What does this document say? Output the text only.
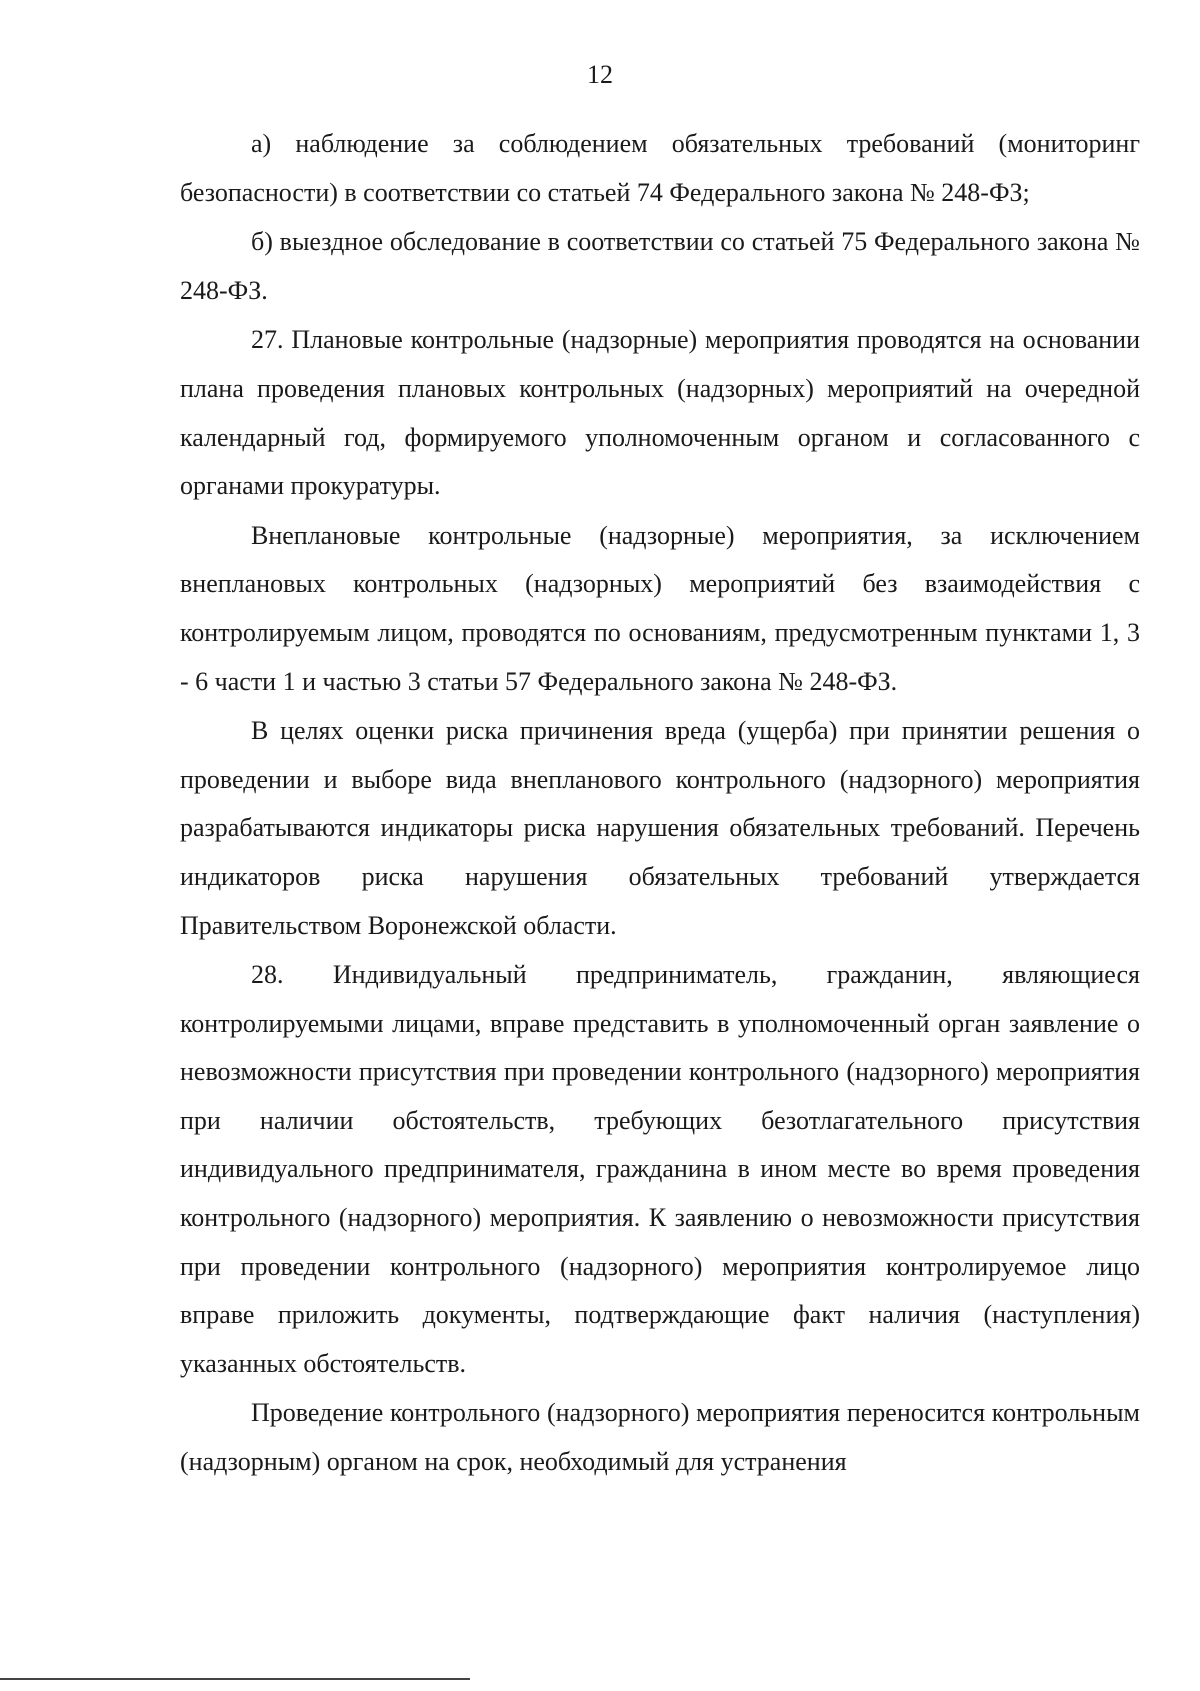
12

а) наблюдение за соблюдением обязательных требований (мониторинг безопасности) в соответствии со статьей 74 Федерального закона № 248-ФЗ;

б) выездное обследование в соответствии со статьей 75 Федерального закона № 248-ФЗ.

27. Плановые контрольные (надзорные) мероприятия проводятся на основании плана проведения плановых контрольных (надзорных) мероприятий на очередной календарный год, формируемого уполномоченным органом и согласованного с органами прокуратуры.

Внеплановые контрольные (надзорные) мероприятия, за исключением внеплановых контрольных (надзорных) мероприятий без взаимодействия с контролируемым лицом, проводятся по основаниям, предусмотренным пунктами 1, 3 - 6 части 1 и частью 3 статьи 57 Федерального закона № 248-ФЗ.

В целях оценки риска причинения вреда (ущерба) при принятии решения о проведении и выборе вида внепланового контрольного (надзорного) мероприятия разрабатываются индикаторы риска нарушения обязательных требований. Перечень индикаторов риска нарушения обязательных требований утверждается Правительством Воронежской области.

28. Индивидуальный предприниматель, гражданин, являющиеся контролируемыми лицами, вправе представить в уполномоченный орган заявление о невозможности присутствия при проведении контрольного (надзорного) мероприятия при наличии обстоятельств, требующих безотлагательного присутствия индивидуального предпринимателя, гражданина в ином месте во время проведения контрольного (надзорного) мероприятия. К заявлению о невозможности присутствия при проведении контрольного (надзорного) мероприятия контролируемое лицо вправе приложить документы, подтверждающие факт наличия (наступления) указанных обстоятельств.

Проведение контрольного (надзорного) мероприятия переносится контрольным (надзорным) органом на срок, необходимый для устранения
